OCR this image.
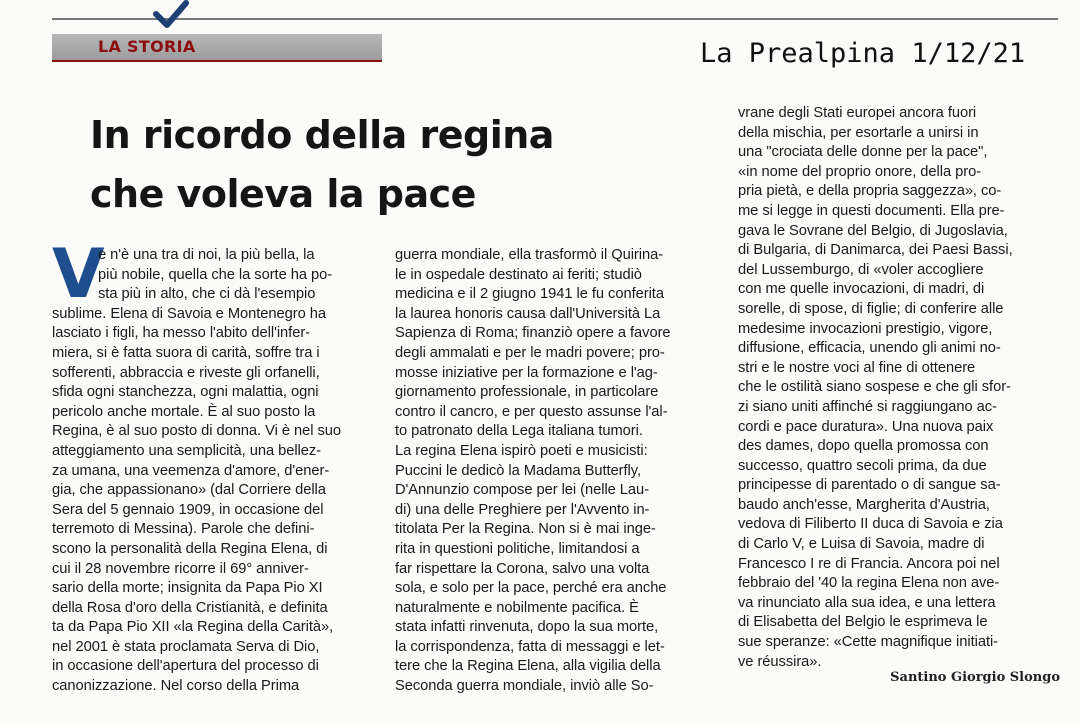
LA STORIA	La Prealpina 1/12/21
In ricordo della regina
che voleva la pace
V
e n'è una tra di noi, la più bella, la
più nobile, quella che la sorte ha po-
sta più in alto, che ci dà l'esempio
sublime. Elena di Savoia e Montenegro ha
lasciato i figli, ha messo l'abito dell'infer-
miera, si è fatta suora di carità, soffre tra i
sofferenti, abbraccia e riveste gli orfanelli,
sfida ogni stanchezza, ogni malattia, ogni
pericolo anche mortale. È al suo posto la
Regina, è al suo posto di donna. Vi è nel suo
atteggiamento una semplicità, una bellez-
za umana, una veemenza d'amore, d'ener-
gia, che appassionano» (dal Corriere della
Sera del 5 gennaio 1909, in occasione del
terremoto di Messina). Parole che defini-
scono la personalità della Regina Elena, di
cui il 28 novembre ricorre il 69° anniver-
sario della morte; insignita da Papa Pio XI
della Rosa d'oro della Cristianità, e definita
ta da Papa Pio XII «la Regina della Carità»,
nel 2001 è stata proclamata Serva di Dio,
in occasione dell'apertura del processo di
canonizzazione. Nel corso della Prima
guerra mondiale, ella trasformò il Quirina-
le in ospedale destinato ai feriti; studiò
medicina e il 2 giugno 1941 le fu conferita
la laurea honoris causa dall'Università La
Sapienza di Roma; finanziò opere a favore
degli ammalati e per le madri povere; pro-
mosse iniziative per la formazione e l'ag-
giornamento professionale, in particolare
contro il cancro, e per questo assunse l'al-
to patronato della Lega italiana tumori.
La regina Elena ispirò poeti e musicisti:
Puccini le dedicò la Madama Butterfly,
D'Annunzio compose per lei (nelle Lau-
di) una delle Preghiere per l'Avvento in-
titolata Per la Regina. Non si è mai inge-
rita in questioni politiche, limitandosi a
far rispettare la Corona, salvo una volta
sola, e solo per la pace, perché era anche
naturalmente e nobilmente pacifica. È
stata infatti rinvenuta, dopo la sua morte,
la corrispondenza, fatta di messaggi e let-
tere che la Regina Elena, alla vigilia della
Seconda guerra mondiale, inviò alle So-
vrane degli Stati europei ancora fuori
della mischia, per esortarle a unirsi in
una "crociata delle donne per la pace",
«in nome del proprio onore, della pro-
pria pietà, e della propria saggezza», co-
me si legge in questi documenti. Ella pre-
gava le Sovrane del Belgio, di Jugoslavia,
di Bulgaria, di Danimarca, dei Paesi Bassi,
del Lussemburgo, di «voler accogliere
con me quelle invocazioni, di madri, di
sorelle, di spose, di figlie; di conferire alle
medesime invocazioni prestigio, vigore,
diffusione, efficacia, unendo gli animi no-
stri e le nostre voci al fine di ottenere
che le ostilità siano sospese e che gli sfor-
zi siano uniti affinché si raggiungano ac-
cordi e pace duratura». Una nuova paix
des dames, dopo quella promossa con
successo, quattro secoli prima, da due
principesse di parentado o di sangue sa-
baudo anch'esse, Margherita d'Austria,
vedova di Filiberto II duca di Savoia e zia
di Carlo V, e Luisa di Savoia, madre di
Francesco I re di Francia. Ancora poi nel
febbraio del '40 la regina Elena non ave-
va rinunciato alla sua idea, e una lettera
di Elisabetta del Belgio le esprimeva le
sue speranze: «Cette magnifique initiati-
ve réussira».
Santino Giorgio Slongo
